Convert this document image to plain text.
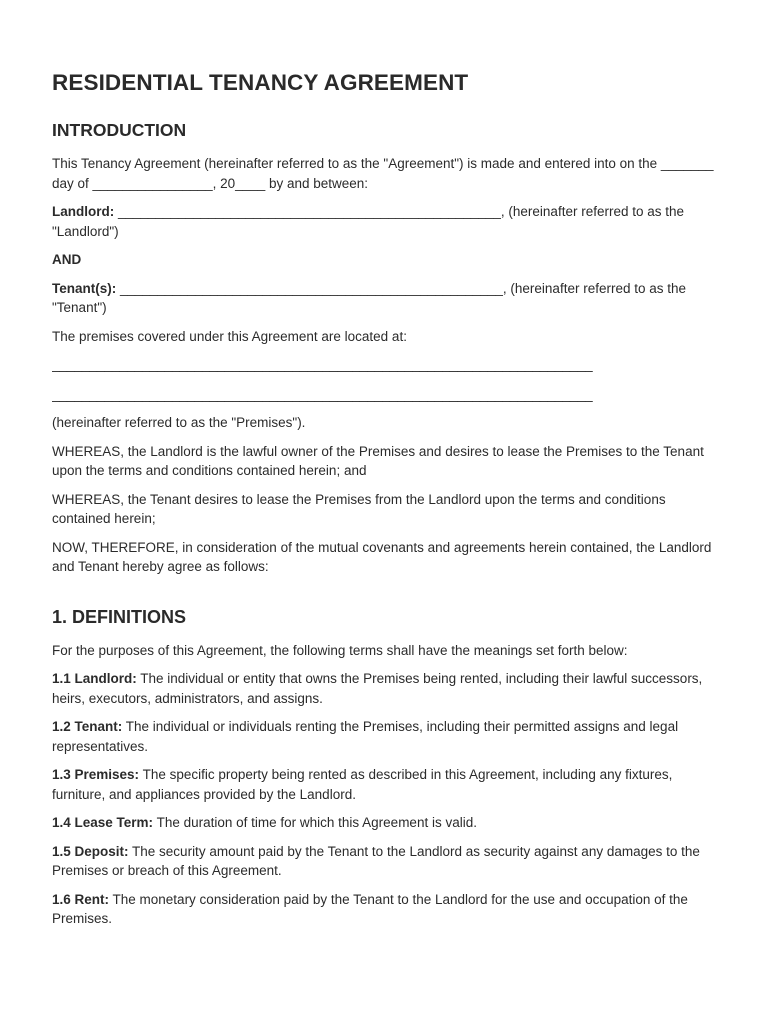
RESIDENTIAL TENANCY AGREEMENT
INTRODUCTION

This Tenancy Agreement (hereinafter referred to as the "Agreement") is made and entered into on the _______ day of ________________, 20____ by and between:

Landlord: ___________________________________________________, (hereinafter referred to as the "Landlord")

AND

Tenant(s): ___________________________________________________, (hereinafter referred to as the "Tenant")

The premises covered under this Agreement are located at:

________________________________________________________________________
________________________________________________________________________

(hereinafter referred to as the "Premises").

WHEREAS, the Landlord is the lawful owner of the Premises and desires to lease the Premises to the Tenant upon the terms and conditions contained herein; and

WHEREAS, the Tenant desires to lease the Premises from the Landlord upon the terms and conditions contained herein;

NOW, THEREFORE, in consideration of the mutual covenants and agreements herein contained, the Landlord and Tenant hereby agree as follows:

1. DEFINITIONS

For the purposes of this Agreement, the following terms shall have the meanings set forth below:

1.1 Landlord: The individual or entity that owns the Premises being rented, including their lawful successors, heirs, executors, administrators, and assigns.

1.2 Tenant: The individual or individuals renting the Premises, including their permitted assigns and legal representatives.

1.3 Premises: The specific property being rented as described in this Agreement, including any fixtures, furniture, and appliances provided by the Landlord.

1.4 Lease Term: The duration of time for which this Agreement is valid.

1.5 Deposit: The security amount paid by the Tenant to the Landlord as security against any damages to the Premises or breach of this Agreement.

1.6 Rent: The monetary consideration paid by the Tenant to the Landlord for the use and occupation of the Premises.
